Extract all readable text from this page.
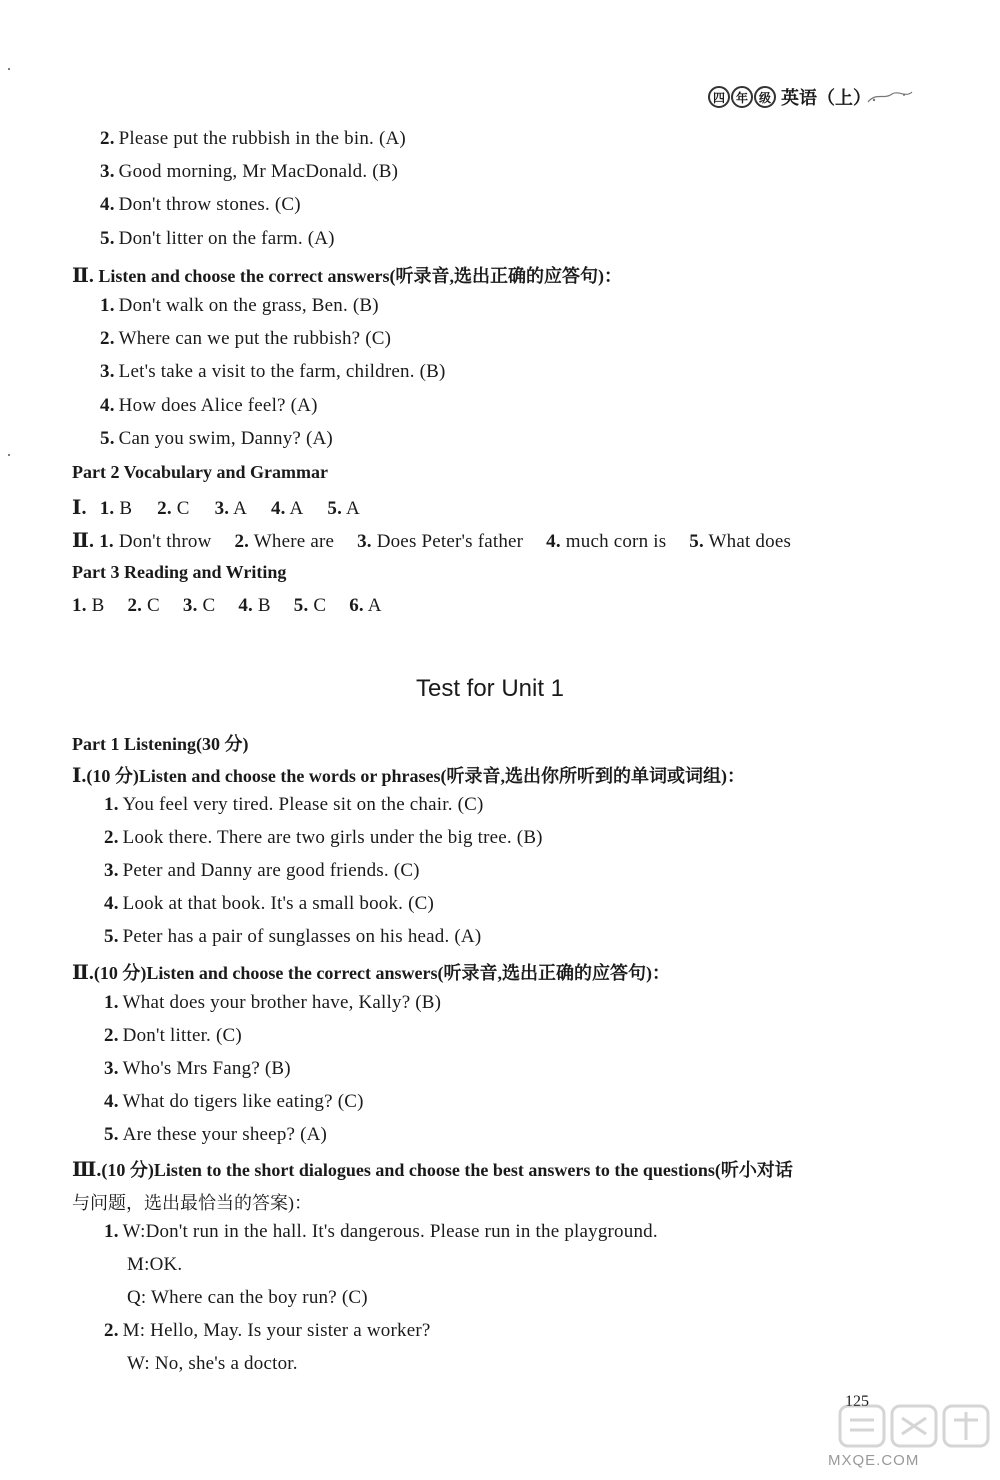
四 年 级 英语（上）
2. Please put the rubbish in the bin. (A)
3. Good morning, Mr MacDonald. (B)
4. Don't throw stones. (C)
5. Don't litter on the farm. (A)
Ⅱ. Listen and choose the correct answers(听录音,选出正确的应答句)：
1. Don't walk on the grass, Ben. (B)
2. Where can we put the rubbish? (C)
3. Let's take a visit to the farm, children. (B)
4. How does Alice feel? (A)
5. Can you swim, Danny? (A)
Part 2 Vocabulary and Grammar
Ⅰ. 1. B 2. C 3. A 4. A 5. A
Ⅱ. 1. Don't throw 2. Where are 3. Does Peter's father 4. much corn is 5. What does
Part 3 Reading and Writing
1. B 2. C 3. C 4. B 5. C 6. A
Test for Unit 1
Part 1 Listening(30 分)
Ⅰ.(10 分)Listen and choose the words or phrases(听录音,选出你所听到的单词或词组)：
1. You feel very tired. Please sit on the chair. (C)
2. Look there. There are two girls under the big tree. (B)
3. Peter and Danny are good friends. (C)
4. Look at that book. It's a small book. (C)
5. Peter has a pair of sunglasses on his head. (A)
Ⅱ.(10 分)Listen and choose the correct answers(听录音,选出正确的应答句)：
1. What does your brother have, Kally? (B)
2. Don't litter. (C)
3. Who's Mrs Fang? (B)
4. What do tigers like eating? (C)
5. Are these your sheep? (A)
Ⅲ.(10 分)Listen to the short dialogues and choose the best answers to the questions(听小对话
与问题，选出最恰当的答案)：
1. W:Don't run in the hall. It's dangerous. Please run in the playground.
M:OK.
Q: Where can the boy run? (C)
2. M: Hello, May. Is your sister a worker?
W: No, she's a doctor.
125
MXQE.COM
